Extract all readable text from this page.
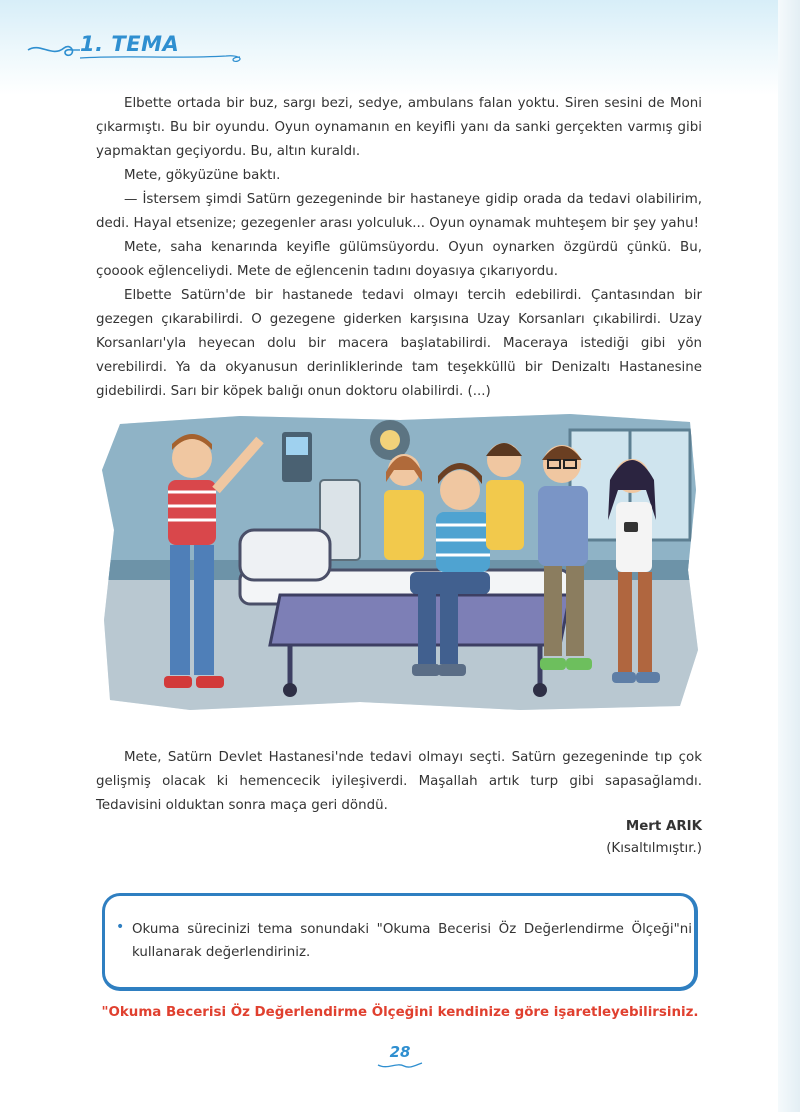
1. TEMA

Elbette ortada bir buz, sargı bezi, sedye, ambulans falan yoktu. Siren sesini de Moni çıkarmıştı. Bu bir oyundu. Oyun oynamanın en keyifli yanı da sanki gerçekten varmış gibi yapmaktan geçiyordu. Bu, altın kuraldı.

Mete, gökyüzüne baktı.

— İstersem şimdi Satürn gezegeninde bir hastaneye gidip orada da tedavi olabilirim, dedi. Hayal etsenize; gezegenler arası yolculuk... Oyun oynamak muhteşem bir şey yahu!

Mete, saha kenarında keyifle gülümsüyordu. Oyun oynarken özgürdü çünkü. Bu, çooook eğlenceliydi. Mete de eğlencenin tadını doyasıya çıkarıyordu.

Elbette Satürn'de bir hastanede tedavi olmayı tercih edebilirdi. Çantasından bir gezegen çıkarabilirdi. O gezegene giderken karşısına Uzay Korsanları çıkabilirdi. Uzay Korsanları'yla heyecan dolu bir macera başlatabilirdi. Maceraya istediği gibi yön verebilirdi. Ya da okyanusun derinliklerinde tam teşekküllü bir Denizaltı Hastanesine gidebilirdi. Sarı bir köpek balığı onun doktoru olabilirdi. (...)

Mete, Satürn Devlet Hastanesi'nde tedavi olmayı seçti. Satürn gezegeninde tıp çok gelişmiş olacak ki hemencecik iyileşiverdi. Maşallah artık turp gibi sapasağlamdı. Tedavisini olduktan sonra maça geri döndü.

Mert ARIK
(Kısaltılmıştır.)
• Okuma sürecinizi tema sonundaki "Okuma Becerisi Öz Değerlendirme Ölçeği"ni kullanarak değerlendiriniz.
"Okuma Becerisi Öz Değerlendirme Ölçeğini kendinize göre işaretleyebilirsiniz.
28
